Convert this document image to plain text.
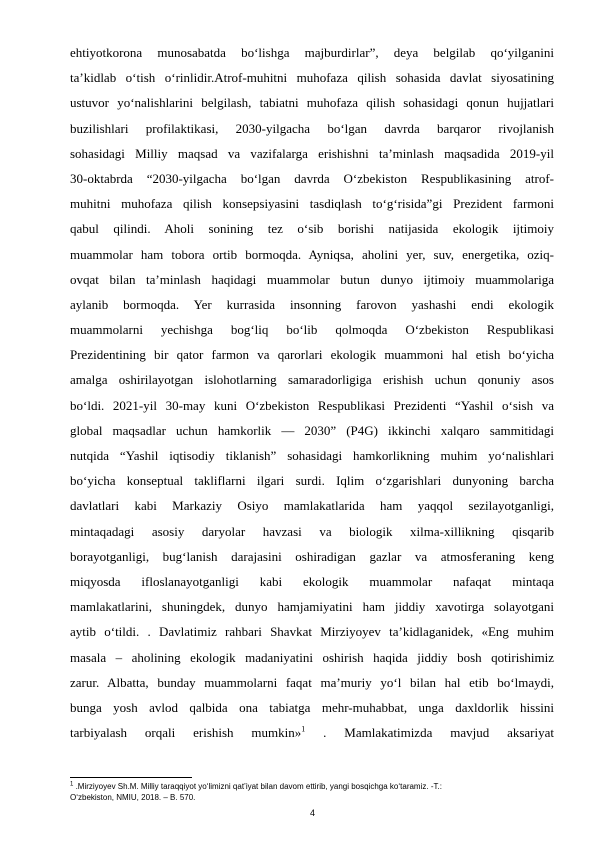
ehtiyotkorona munosabatda bo‘lishga majburdirlar”, deya belgilab qo‘yilganini
ta’kidlab o‘tish o‘rinlidir.Atrof-muhitni muhofaza qilish sohasida davlat siyosatining
ustuvor yo‘nalishlarini belgilash, tabiatni muhofaza qilish sohasidagi qonun hujjatlari
buzilishlari profilaktikasi, 2030-yilgacha bo‘lgan davrda barqaror rivojlanish
sohasidagi Milliy maqsad va vazifalarga erishishni ta’minlash maqsadida 2019-yil
30-oktabrda “2030-yilgacha bo‘lgan davrda O‘zbekiston Respublikasining atrof-
muhitni muhofaza qilish konsepsiyasini tasdiqlash to‘g‘risida”gi Prezident farmoni
qabul qilindi. Aholi sonining tez o‘sib borishi natijasida ekologik ijtimoiy
muammolar ham tobora ortib bormoqda. Ayniqsa, aholini yer, suv, energetika, oziq-
ovqat bilan ta’minlash haqidagi muammolar butun dunyo ijtimoiy muammolariga
aylanib bormoqda. Yer kurrasida insonning farovon yashashi endi ekologik
muammolarni yechishga bog‘liq bo‘lib qolmoqda O‘zbekiston Respublikasi
Prezidentining bir qator farmon va qarorlari ekologik muammoni hal etish bo‘yicha
amalga oshirilayotgan islohotlarning samaradorligiga erishish uchun qonuniy asos
bo‘ldi. 2021-yil 30-may kuni O‘zbekiston Respublikasi Prezidenti “Yashil o‘sish va
global maqsadlar uchun hamkorlik — 2030” (P4G) ikkinchi xalqaro sammitidagi
nutqida “Yashil iqtisodiy tiklanish” sohasidagi hamkorlikning muhim yo‘nalishlari
bo‘yicha konseptual takliflarni ilgari surdi. Iqlim o‘zgarishlari dunyoning barcha
davlatlari kabi Markaziy Osiyo mamlakatlarida ham yaqqol sezilayotganligi,
mintaqadagi asosiy daryolar havzasi va biologik xilma-xillikning qisqarib
borayotganligi, bug‘lanish darajasini oshiradigan gazlar va atmosferaning keng
miqyosda ifloslanayotganligi kabi ekologik muammolar nafaqat mintaqa
mamlakatlarini, shuningdek, dunyo hamjamiyatini ham jiddiy xavotirga solayotgani
aytib o‘tildi. . Davlatimiz rahbari Shavkat Mirziyoyev ta’kidlaganidek, «Eng muhim
masala – aholining ekologik madaniyatini oshirish haqida jiddiy bosh qotirishimiz
zarur. Albatta, bunday muammolarni faqat ma’muriy yo‘l bilan hal etib bo‘lmaydi,
bunga yosh avlod qalbida ona tabiatga mehr-muhabbat, unga daxldorlik hissini
tarbiyalash orqali erishish mumkin»$^1$ . Mamlakatimizda mavjud aksariyat
$^1$ .Mirziyoyev Sh.M. Milliy taraqqiyot yo‘limizni qat’iyat bilan davom ettirib, yangi bosqichga ko‘taramiz. -T.:
O‘zbekiston, NMIU, 2018. – B. 570.
4
